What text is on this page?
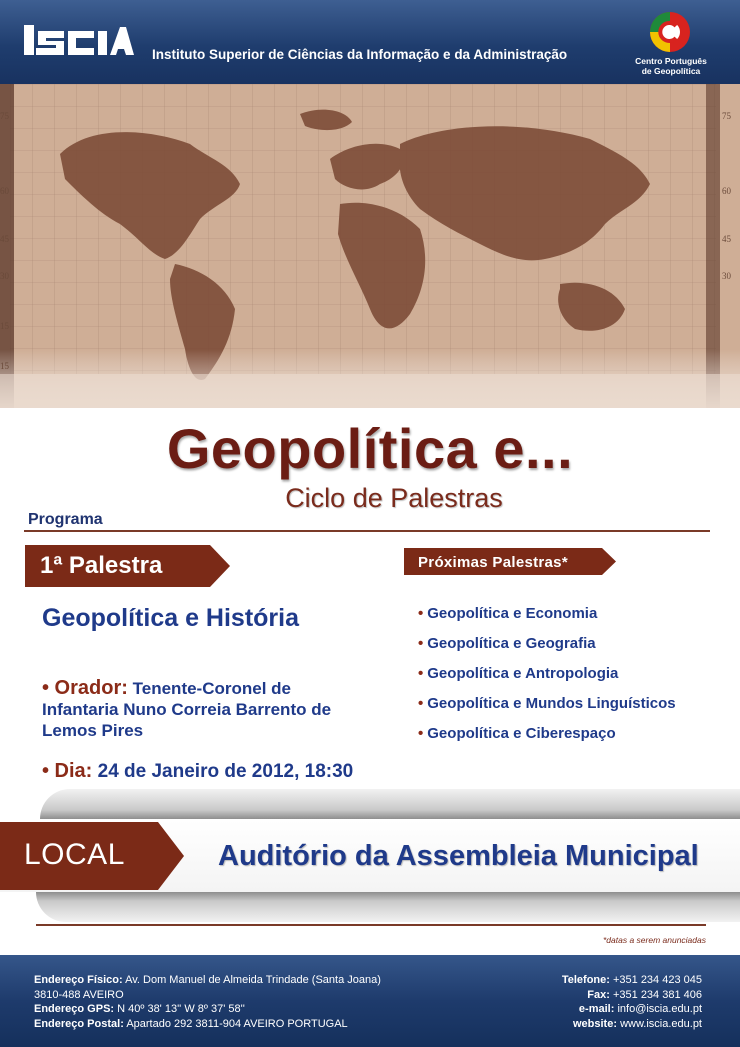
Instituto Superior de Ciências da Informação e da Administração	Centro Português
de Geopolítica
75
60
45
30
15
15
75
60
45
30
Geopolítica e...
Ciclo de Palestras
Programa
1ª Palestra
Geopolítica e História
• Orador: Tenente-Coronel de Infantaria Nuno Correia Barrento de Lemos Pires
• Dia: 24 de Janeiro de 2012, 18:30
Próximas Palestras*
• Geopolítica e Economia
• Geopolítica e Geografia
• Geopolítica e Antropologia
• Geopolítica e Mundos Linguísticos
• Geopolítica e Ciberespaço
LOCAL	Auditório da Assembleia Municipal
*datas a serem anunciadas
Endereço Físico: Av. Dom Manuel de Almeida Trindade (Santa Joana)
3810-488 AVEIRO
Endereço GPS: N 40º 38' 13'' W 8º 37' 58''
Endereço Postal: Apartado 292 3811-904 AVEIRO PORTUGAL
Telefone: +351 234 423 045
Fax: +351 234 381 406
e-mail: info@iscia.edu.pt
website: www.iscia.edu.pt
